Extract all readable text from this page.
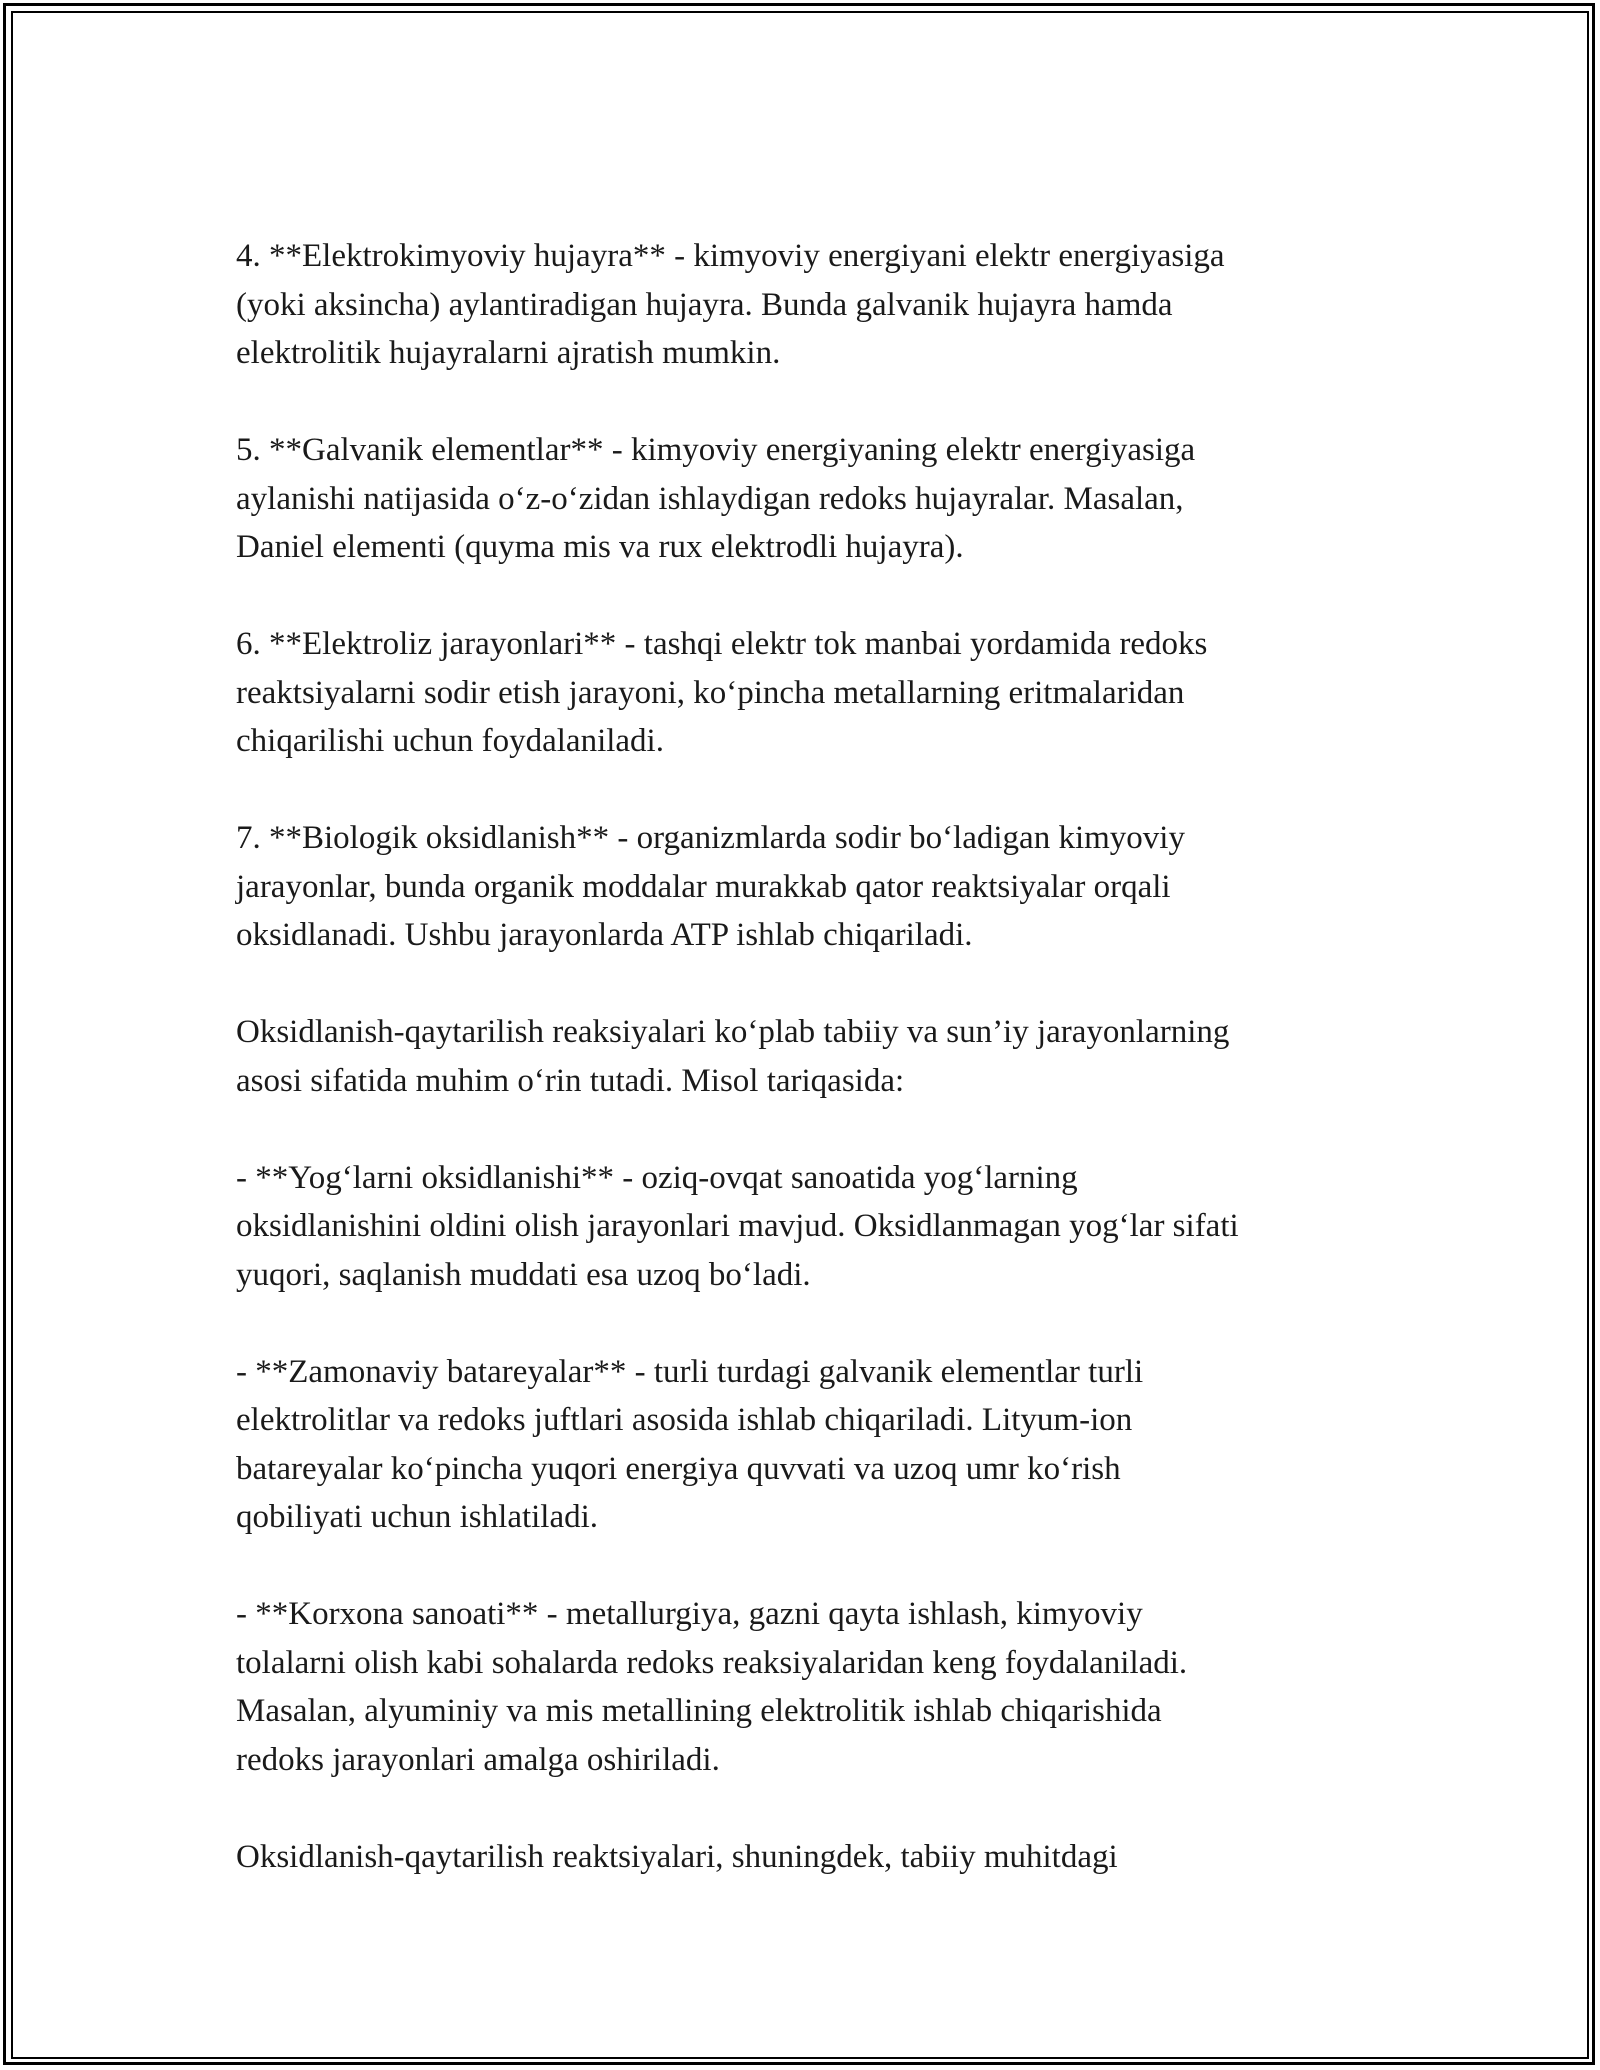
4. **Elektrokimyoviy hujayra** - kimyoviy energiyani elektr energiyasiga
(yoki aksincha) aylantiradigan hujayra. Bunda galvanik hujayra hamda
elektrolitik hujayralarni ajratish mumkin.

5. **Galvanik elementlar** - kimyoviy energiyaning elektr energiyasiga
aylanishi natijasida o‘z-o‘zidan ishlaydigan redoks hujayralar. Masalan,
Daniel elementi (quyma mis va rux elektrodli hujayra).

6. **Elektroliz jarayonlari** - tashqi elektr tok manbai yordamida redoks
reaktsiyalarni sodir etish jarayoni, ko‘pincha metallarning eritmalaridan
chiqarilishi uchun foydalaniladi.

7. **Biologik oksidlanish** - organizmlarda sodir bo‘ladigan kimyoviy
jarayonlar, bunda organik moddalar murakkab qator reaktsiyalar orqali
oksidlanadi. Ushbu jarayonlarda ATP ishlab chiqariladi.

Oksidlanish-qaytarilish reaksiyalari ko‘plab tabiiy va sun’iy jarayonlarning
asosi sifatida muhim o‘rin tutadi. Misol tariqasida:

- **Yog‘larni oksidlanishi** - oziq-ovqat sanoatida yog‘larning
oksidlanishini oldini olish jarayonlari mavjud. Oksidlanmagan yog‘lar sifati
yuqori, saqlanish muddati esa uzoq bo‘ladi.

- **Zamonaviy batareyalar** - turli turdagi galvanik elementlar turli
elektrolitlar va redoks juftlari asosida ishlab chiqariladi. Lityum-ion
batareyalar ko‘pincha yuqori energiya quvvati va uzoq umr ko‘rish
qobiliyati uchun ishlatiladi.

- **Korxona sanoati** - metallurgiya, gazni qayta ishlash, kimyoviy
tolalarni olish kabi sohalarda redoks reaksiyalaridan keng foydalaniladi.
Masalan, alyuminiy va mis metallining elektrolitik ishlab chiqarishida
redoks jarayonlari amalga oshiriladi.

Oksidlanish-qaytarilish reaktsiyalari, shuningdek, tabiiy muhitdagi
